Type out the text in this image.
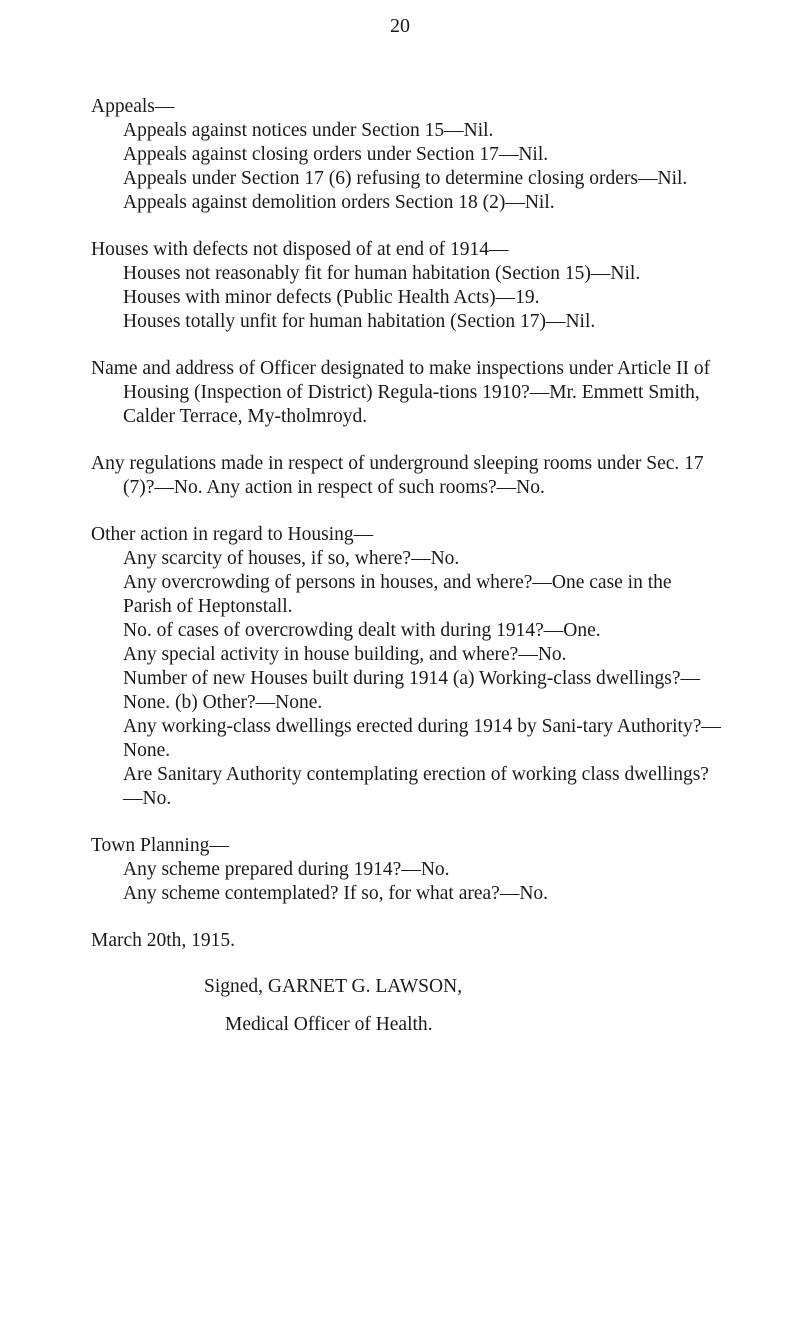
20

Appeals—

Appeals against notices under Section 15—Nil.

Appeals against closing orders under Section 17—Nil.

Appeals under Section 17 (6) refusing to determine closing orders—Nil.

Appeals against demolition orders Section 18 (2)—Nil.

Houses with defects not disposed of at end of 1914—

Houses not reasonably fit for human habitation (Section 15)—Nil.

Houses with minor defects (Public Health Acts)—19.

Houses totally unfit for human habitation (Section 17)—Nil.

Name and address of Officer designated to make inspections under Article II of Housing (Inspection of District) Regula-tions 1910?—Mr. Emmett Smith, Calder Terrace, My-tholmroyd.

Any regulations made in respect of underground sleeping rooms under Sec. 17 (7)?—No. Any action in respect of such rooms?—No.

Other action in regard to Housing—

Any scarcity of houses, if so, where?—No.

Any overcrowding of persons in houses, and where?—One case in the Parish of Heptonstall.

No. of cases of overcrowding dealt with during 1914?—One.

Any special activity in house building, and where?—No.

Number of new Houses built during 1914 (a) Working-class dwellings?—None. (b) Other?—None.

Any working-class dwellings erected during 1914 by Sani-tary Authority?—None.

Are Sanitary Authority contemplating erection of working class dwellings?—No.

Town Planning—

Any scheme prepared during 1914?—No.

Any scheme contemplated? If so, for what area?—No.

March 20th, 1915.

Signed, GARNET G. LAWSON,

Medical Officer of Health.
